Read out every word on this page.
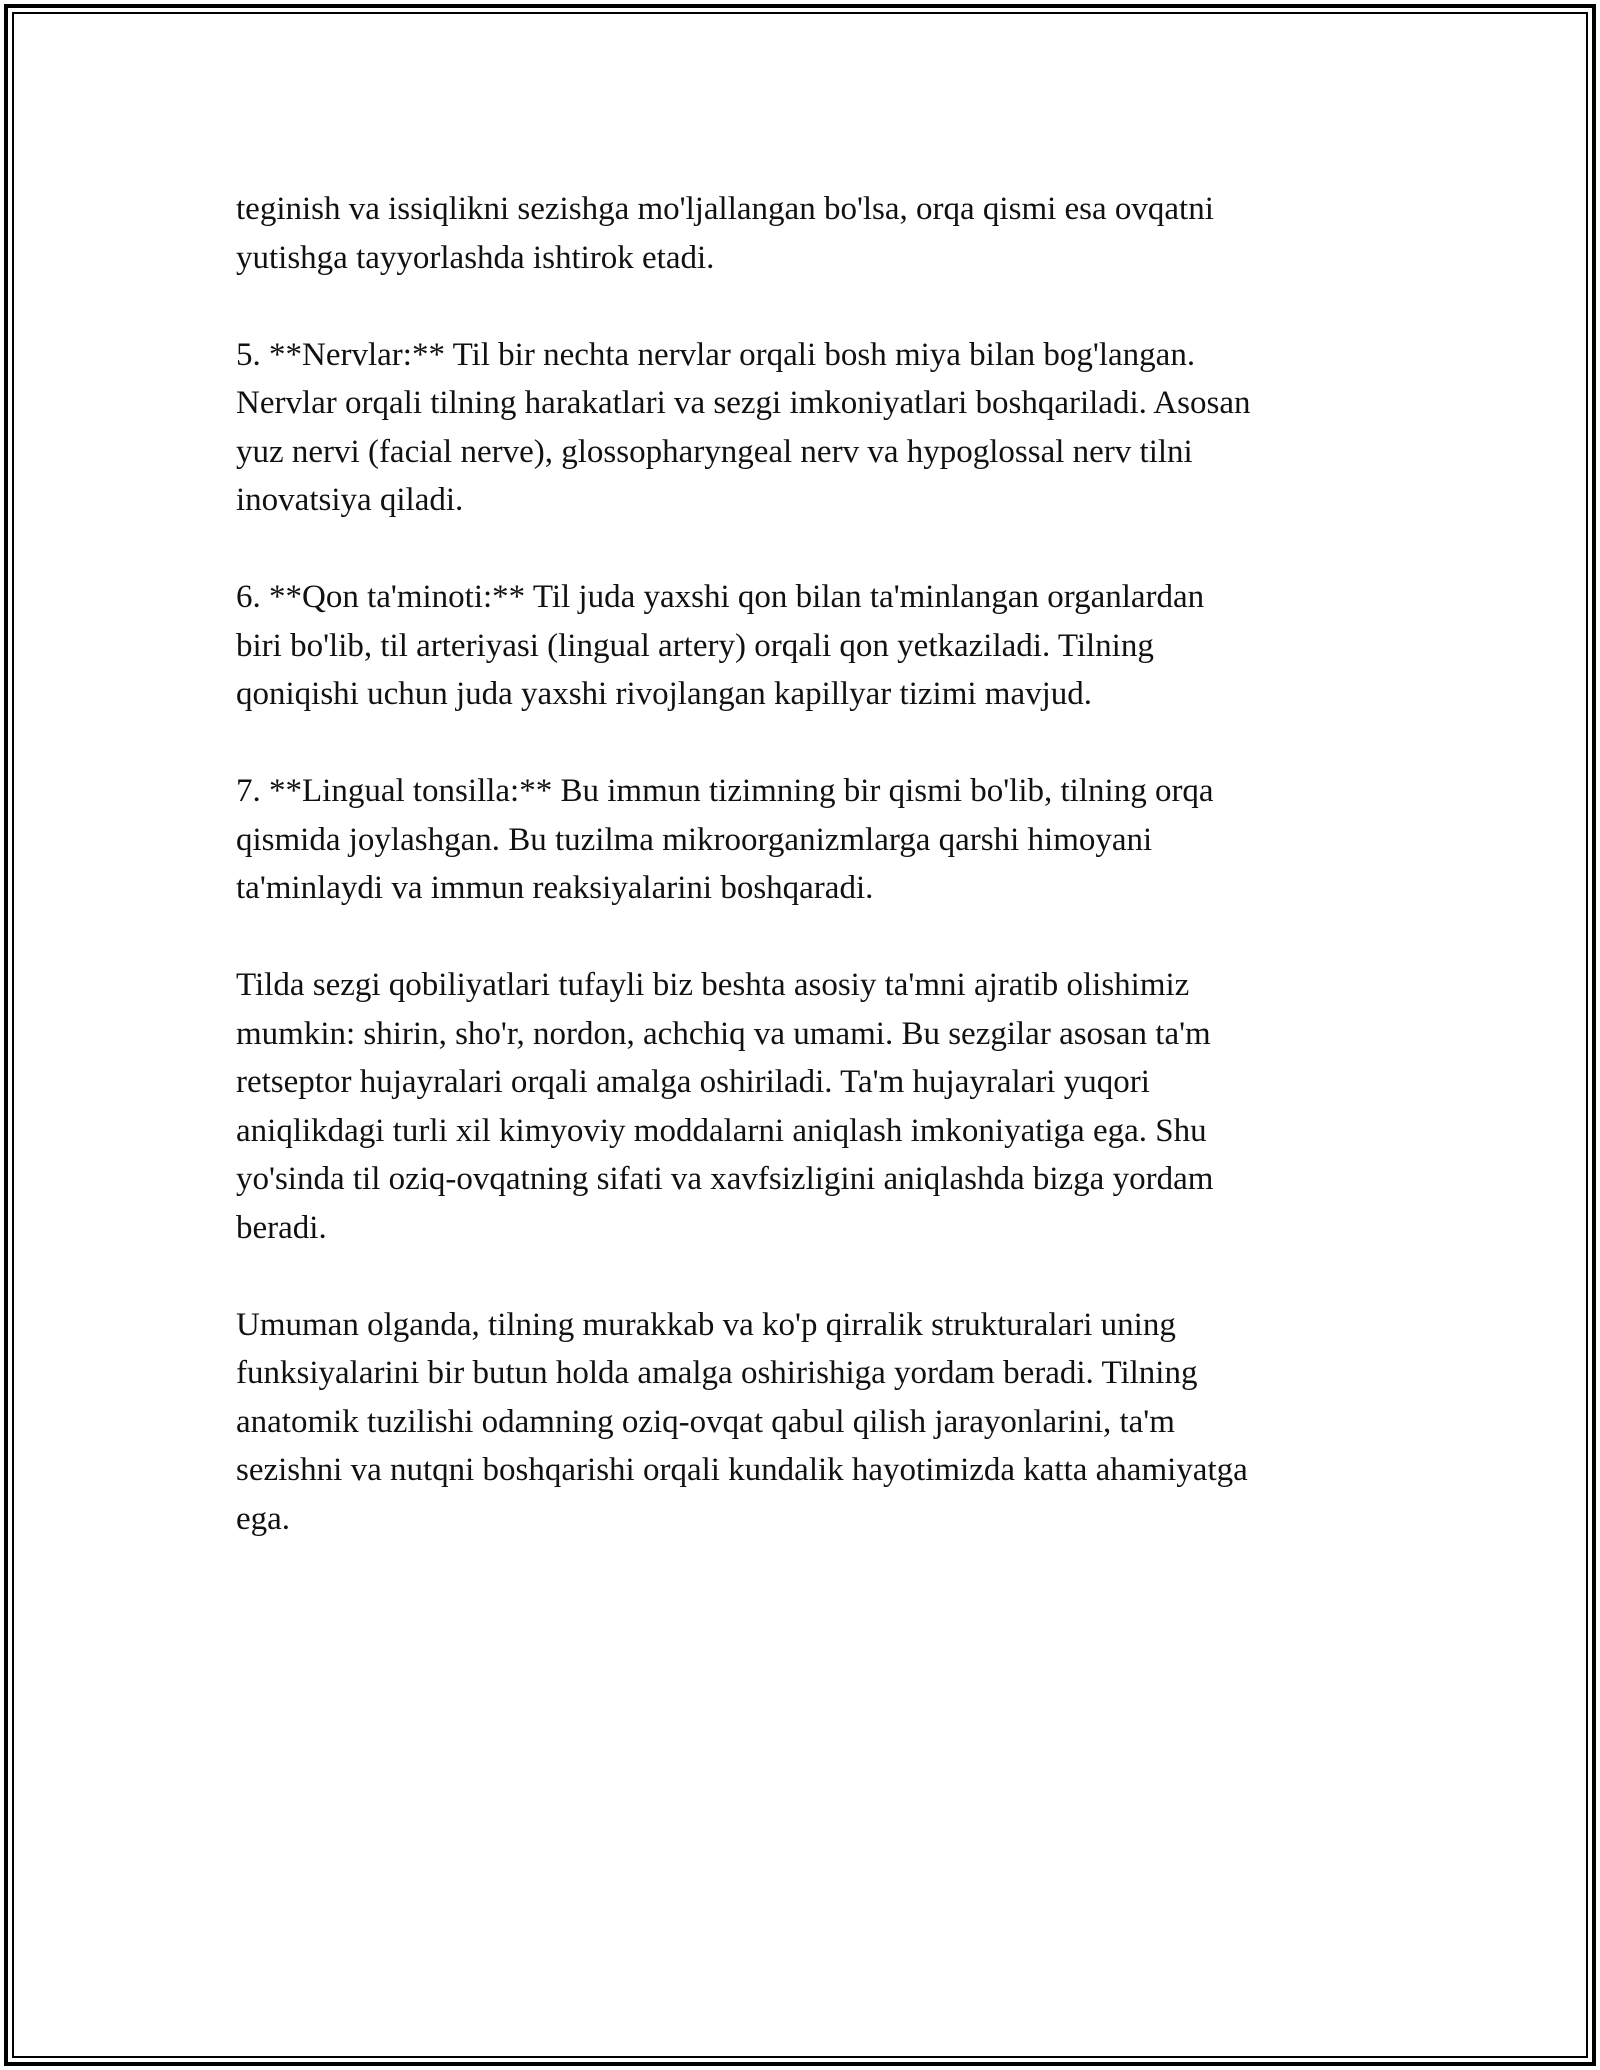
teginish va issiqlikni sezishga mo'ljallangan bo'lsa, orqa qismi esa ovqatni
yutishga tayyorlashda ishtirok etadi.

5. **Nervlar:** Til bir nechta nervlar orqali bosh miya bilan bog'langan.
Nervlar orqali tilning harakatlari va sezgi imkoniyatlari boshqariladi. Asosan
yuz nervi (facial nerve), glossopharyngeal nerv va hypoglossal nerv tilni
inovatsiya qiladi.

6. **Qon ta'minoti:** Til juda yaxshi qon bilan ta'minlangan organlardan
biri bo'lib, til arteriyasi (lingual artery) orqali qon yetkaziladi. Tilning
qoniqishi uchun juda yaxshi rivojlangan kapillyar tizimi mavjud.

7. **Lingual tonsilla:** Bu immun tizimning bir qismi bo'lib, tilning orqa
qismida joylashgan. Bu tuzilma mikroorganizmlarga qarshi himoyani
ta'minlaydi va immun reaksiyalarini boshqaradi.

Tilda sezgi qobiliyatlari tufayli biz beshta asosiy ta'mni ajratib olishimiz
mumkin: shirin, sho'r, nordon, achchiq va umami. Bu sezgilar asosan ta'm
retseptor hujayralari orqali amalga oshiriladi. Ta'm hujayralari yuqori
aniqlikdagi turli xil kimyoviy moddalarni aniqlash imkoniyatiga ega. Shu
yo'sinda til oziq-ovqatning sifati va xavfsizligini aniqlashda bizga yordam
beradi.

Umuman olganda, tilning murakkab va ko'p qirralik strukturalari uning
funksiyalarini bir butun holda amalga oshirishiga yordam beradi. Tilning
anatomik tuzilishi odamning oziq-ovqat qabul qilish jarayonlarini, ta'm
sezishni va nutqni boshqarishi orqali kundalik hayotimizda katta ahamiyatga
ega.
